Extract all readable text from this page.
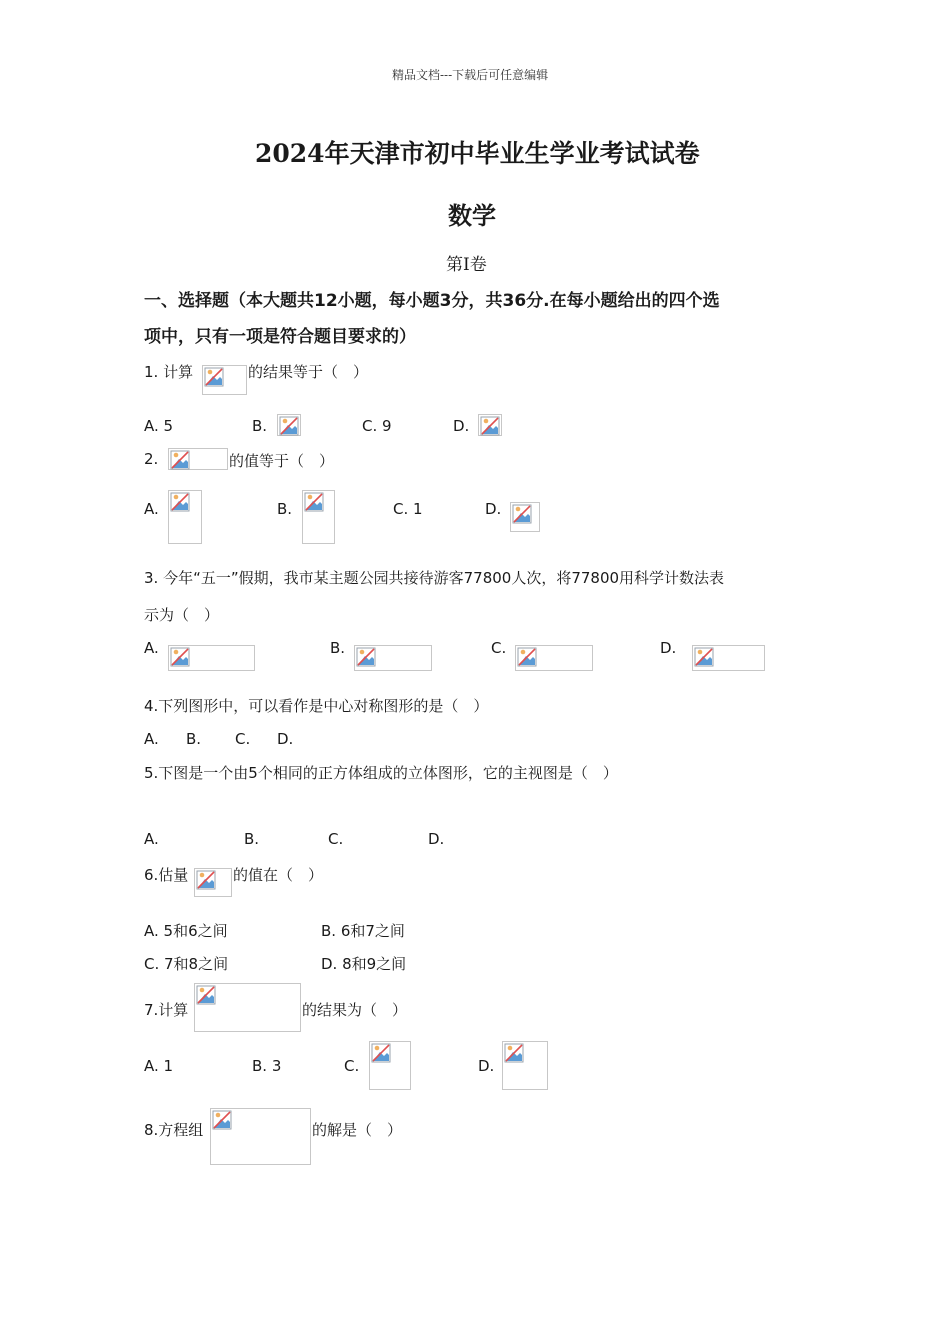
精品文档---下载后可任意编辑
2024年天津市初中毕业生学业考试试卷
数学
第Ⅰ卷
一、选择题（本大题共12小题，每小题3分，共36分.在每小题给出的四个选
项中，只有一项是符合题目要求的）
1. 计算	的结果等于（　）
A. 5	B.	C. 9	D.
2.	的值等于（　）
A.	B.	C. 1	D.
3. 今年“五一”假期，我市某主题公园共接待游客77800人次，将77800用科学计数法表
示为（　）
A.	B.	C.	D.
4.下列图形中，可以看作是中心对称图形的是（　）
A. B. C. D.
5.下图是一个由5个相同的正方体组成的立体图形，它的主视图是（　）
A.	B.	C.	D.
6.估量	的值在（　）
A. 5和6之间	B. 6和7之间
C. 7和8之间	D. 8和9之间
7.计算	的结果为（　）
A. 1	B. 3	C.	D.
8.方程组	的解是（　）
